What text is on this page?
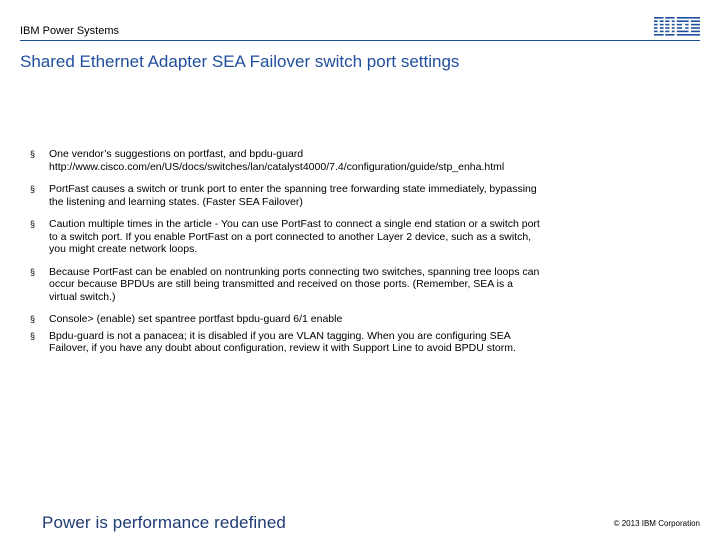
IBM Power Systems
Shared Ethernet Adapter SEA Failover switch port settings
§ One vendor’s suggestions on portfast, and bpdu-guard
http://www.cisco.com/en/US/docs/switches/lan/catalyst4000/7.4/configuration/guide/stp_enha.html
§ PortFast causes a switch or trunk port to enter the spanning tree forwarding state immediately, bypassing
the listening and learning states. (Faster SEA Failover)
§ Caution multiple times in the article - You can use PortFast to connect a single end station or a switch port
to a switch port. If you enable PortFast on a port connected to another Layer 2 device, such as a switch,
you might create network loops.
§ Because PortFast can be enabled on nontrunking ports connecting two switches, spanning tree loops can
occur because BPDUs are still being transmitted and received on those ports. (Remember, SEA is a
virtual switch.)
§ Console> (enable) set spantree portfast bpdu-guard 6/1 enable
§ Bpdu-guard is not a panacea; it is disabled if you are VLAN tagging. When you are configuring SEA
Failover, if you have any doubt about configuration, review it with Support Line to avoid BPDU storm.
Power is performance redefined	© 2013 IBM Corporation
